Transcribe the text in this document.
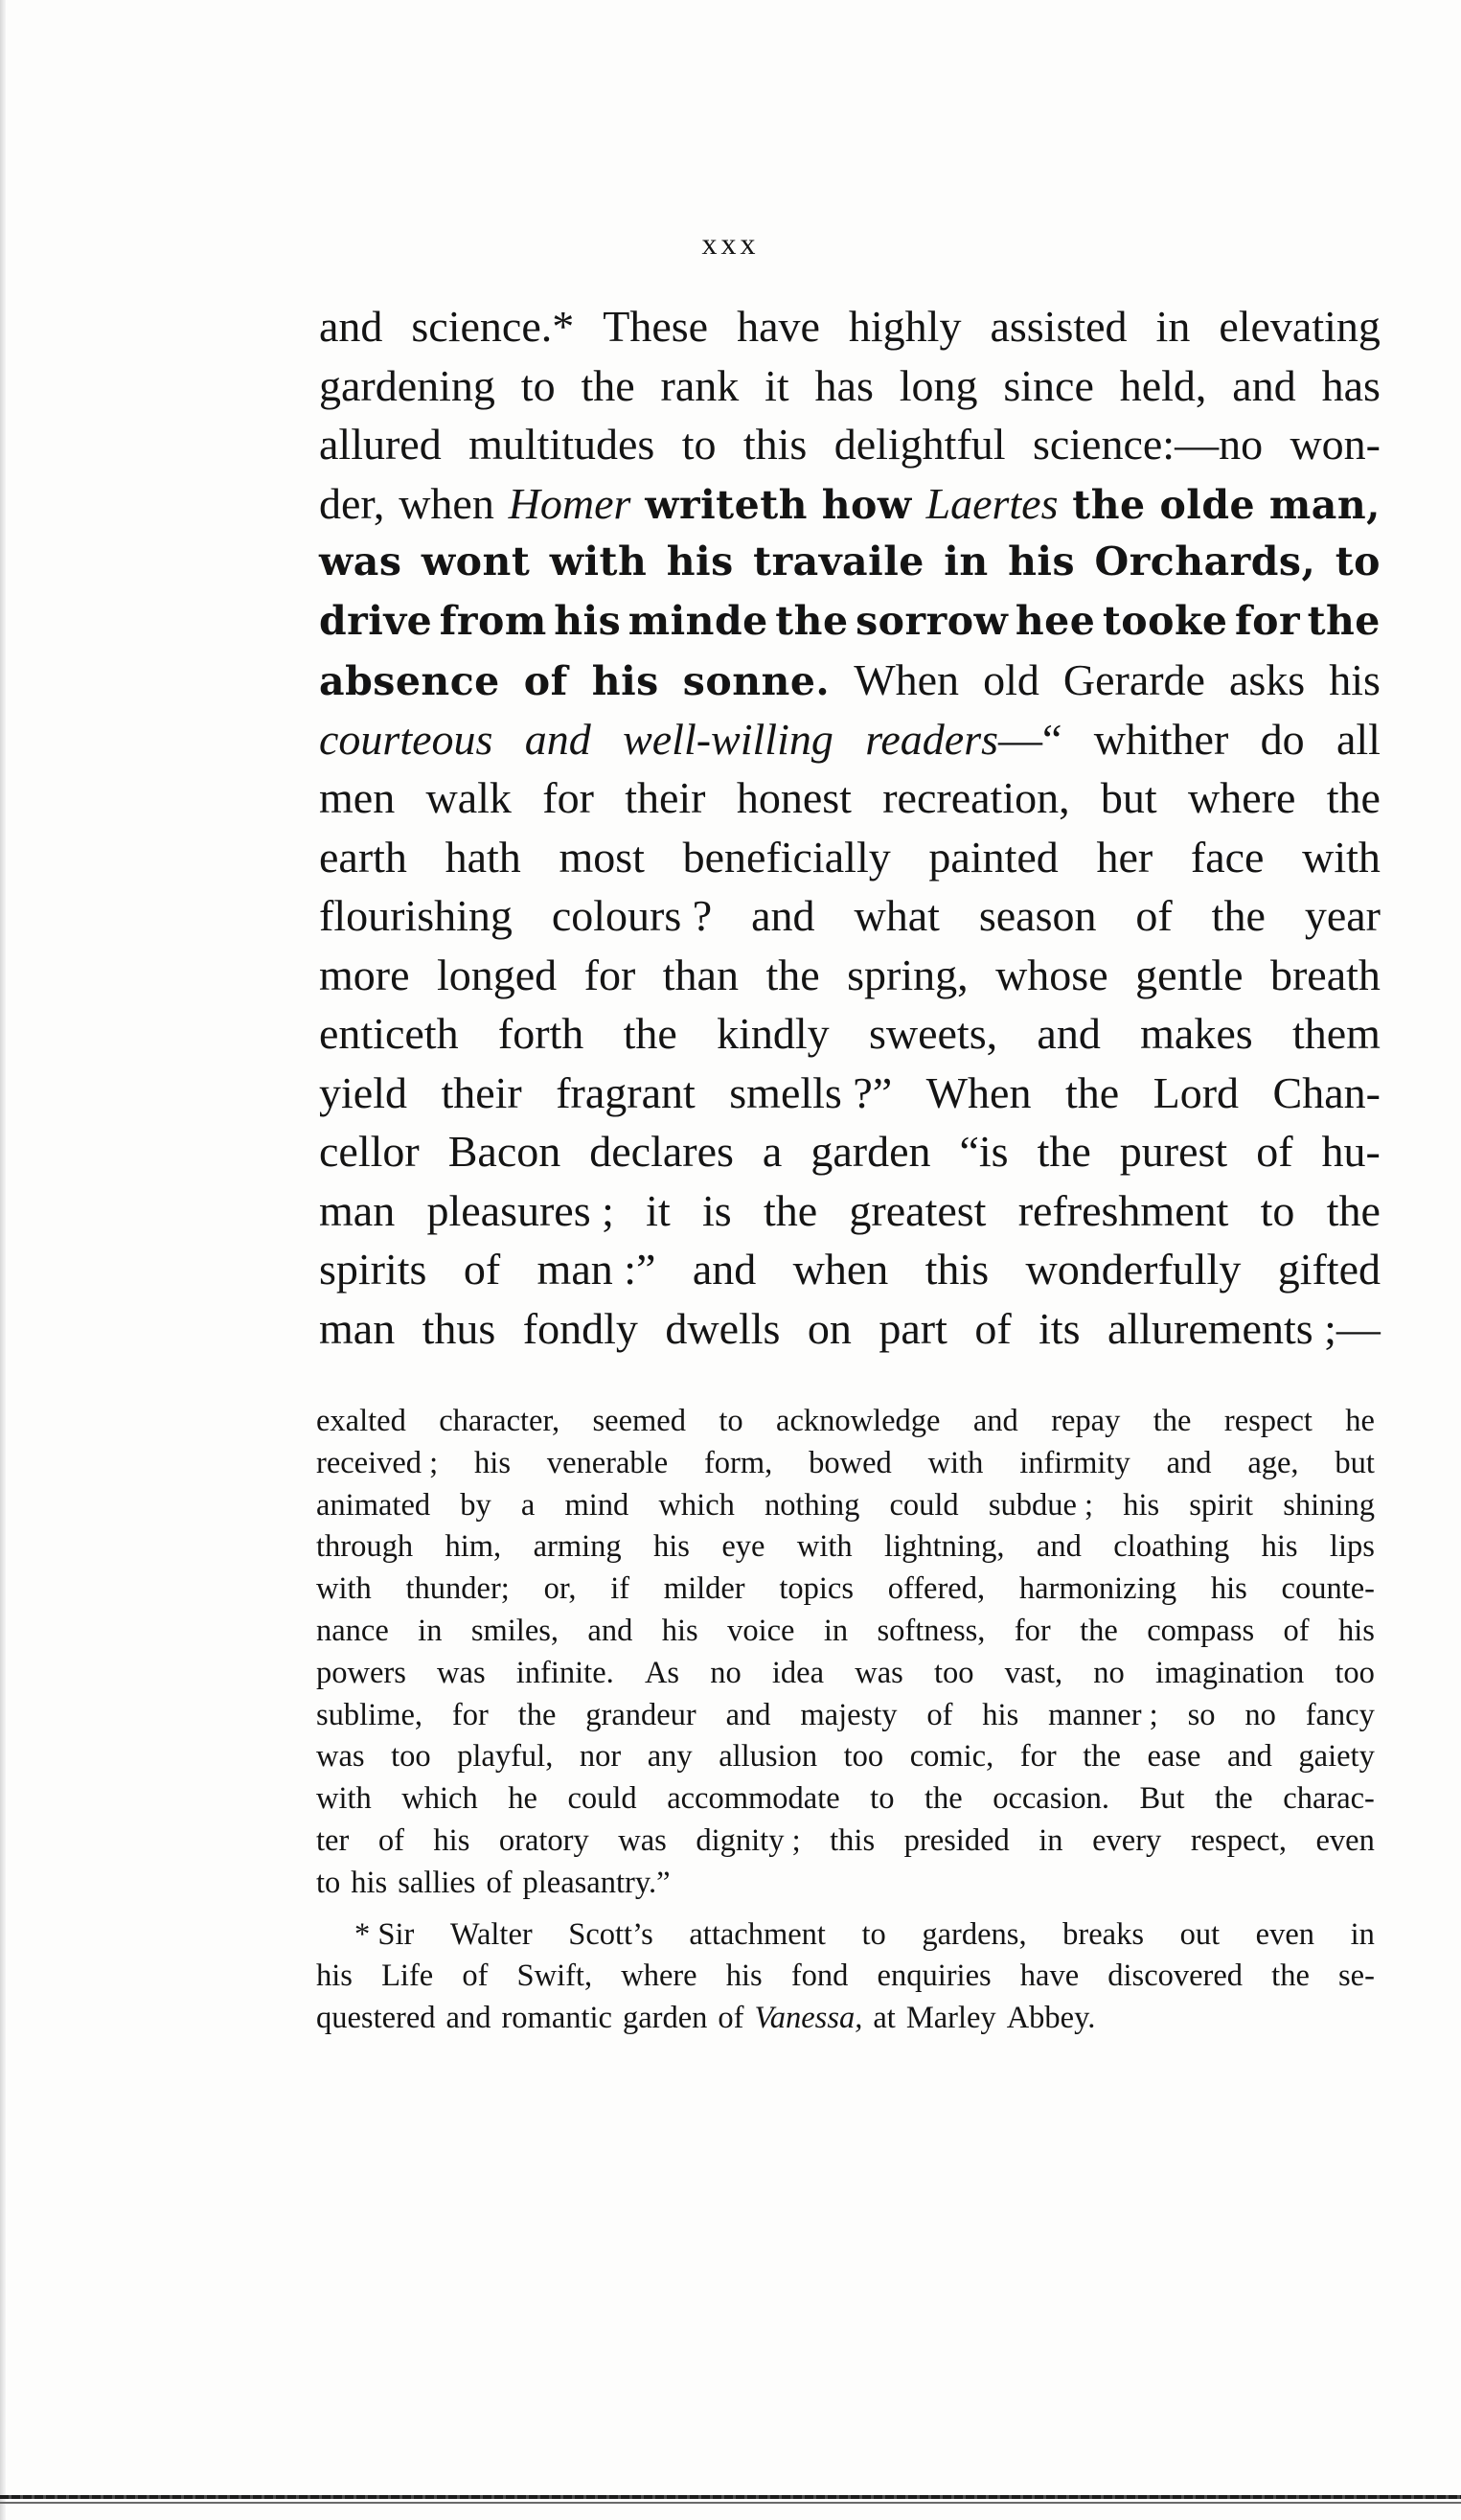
xxx
and science.* These have highly assisted in elevating
gardening to the rank it has long since held, and has
allured multitudes to this delightful science:—no won-
der, when Homer writeth how Laertes the olde man,
was wont with his travaile in his Orchards, to
drive from his minde the sorrow hee tooke for the
absence of his sonne. When old Gerarde asks his
courteous and well-willing readers—“ whither do all
men walk for their honest recreation, but where the
earth hath most beneficially painted her face with
flourishing colours ? and what season of the year
more longed for than the spring, whose gentle breath
enticeth forth the kindly sweets, and makes them
yield their fragrant smells ?” When the Lord Chan-
cellor Bacon declares a garden “is the purest of hu-
man pleasures ; it is the greatest refreshment to the
spirits of man :” and when this wonderfully gifted
man thus fondly dwells on part of its allurements ;—
exalted character, seemed to acknowledge and repay the respect he
received ; his venerable form, bowed with infirmity and age, but
animated by a mind which nothing could subdue ; his spirit shining
through him, arming his eye with lightning, and cloathing his lips
with thunder; or, if milder topics offered, harmonizing his counte-
nance in smiles, and his voice in softness, for the compass of his
powers was infinite. As no idea was too vast, no imagination too
sublime, for the grandeur and majesty of his manner ; so no fancy
was too playful, nor any allusion too comic, for the ease and gaiety
with which he could accommodate to the occasion. But the charac-
ter of his oratory was dignity ; this presided in every respect, even
to his sallies of pleasantry.”
* Sir Walter Scott’s attachment to gardens, breaks out even in
his Life of Swift, where his fond enquiries have discovered the se-
questered and romantic garden of Vanessa, at Marley Abbey.
